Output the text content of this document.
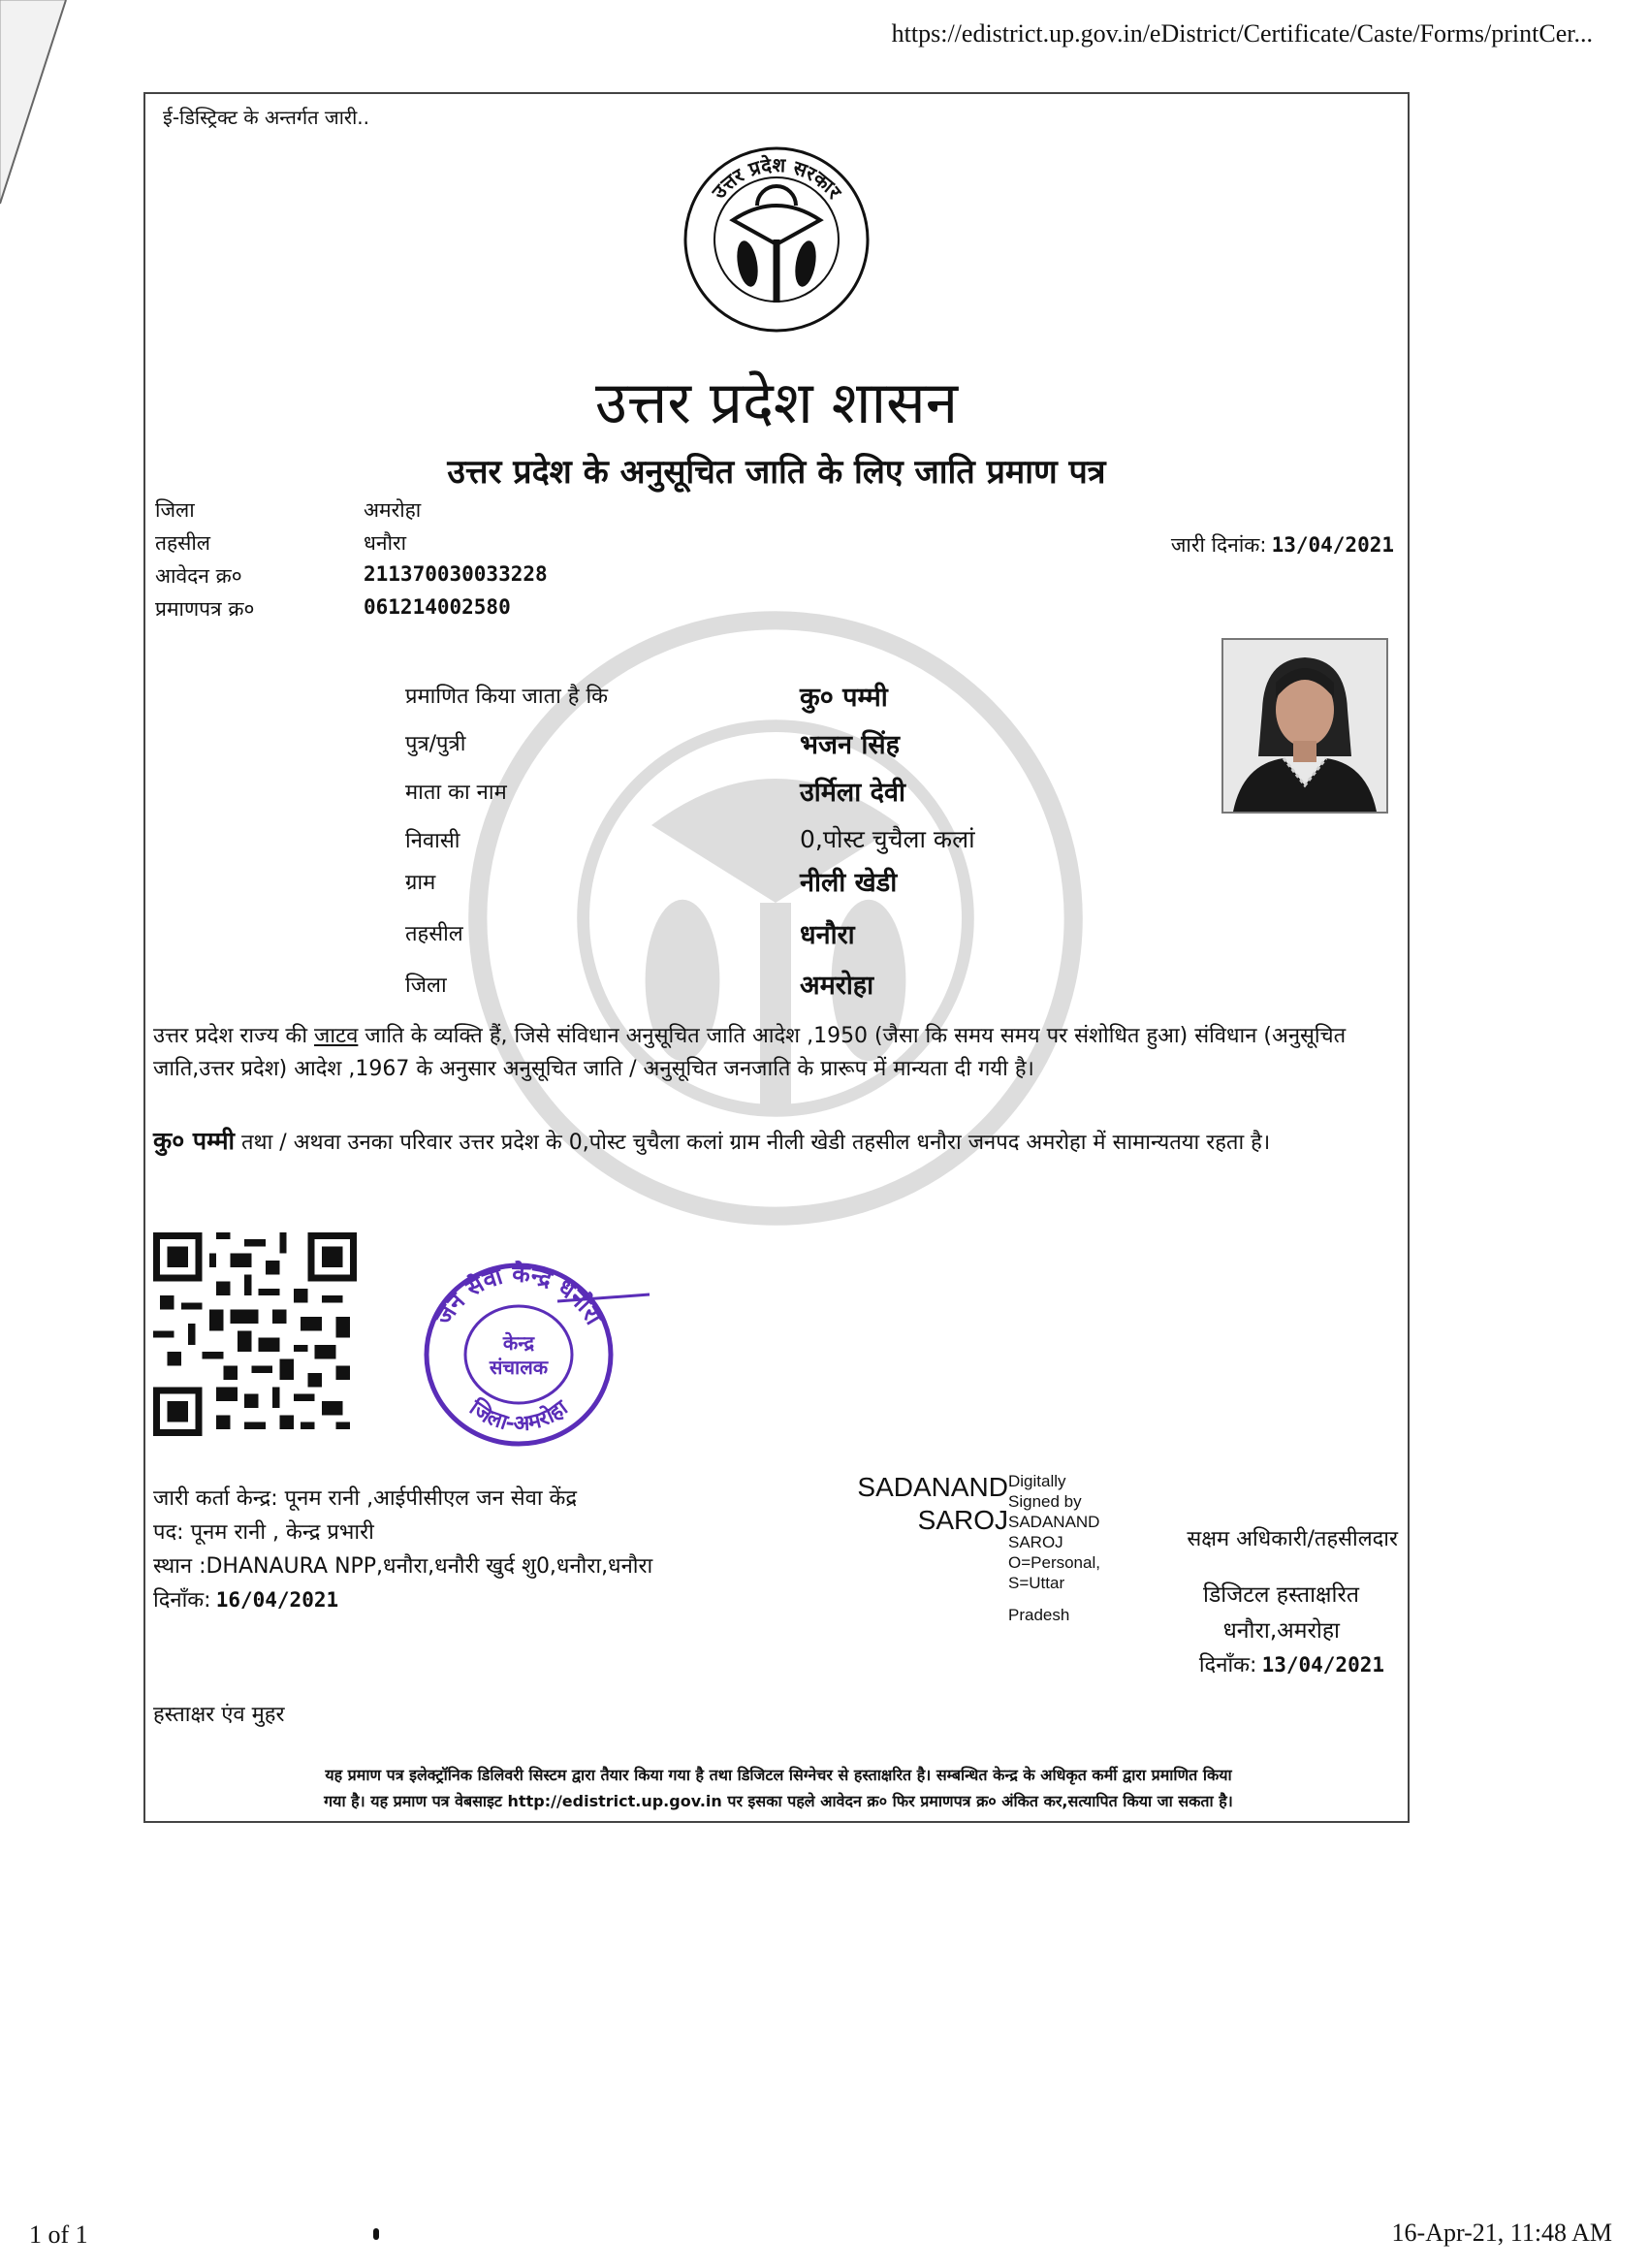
https://edistrict.up.gov.in/eDistrict/Certificate/Caste/Forms/printCer...
ई-डिस्ट्रिक्ट के अन्तर्गत जारी..
उत्तर प्रदेश सरकार
उत्तर प्रदेश शासन
उत्तर प्रदेश के अनुसूचित जाति के लिए जाति प्रमाण पत्र
जिला	अमरोहा
तहसील	धनौरा
आवेदन क्र०	211370030033228
प्रमाणपत्र क्र०	061214002580
जारी दिनांक: 13/04/2021
प्रमाणित किया जाता है कि	कु० पम्मी
पुत्र/पुत्री	भजन सिंह
माता का नाम	उर्मिला देवी
निवासी	0,पोस्ट चुचैला कलां
ग्राम	नीली खेडी
तहसील	धनौरा
जिला	अमरोहा
उत्तर प्रदेश राज्य की जाटव जाति के व्यक्ति हैं, जिसे संविधान अनुसूचित जाति आदेश ,1950 (जैसा कि समय समय पर संशोधित हुआ) संविधान (अनुसूचित जाति,उत्तर प्रदेश) आदेश ,1967 के अनुसार अनुसूचित जाति / अनुसूचित जनजाति के प्रारूप में मान्यता दी गयी है।
कु० पम्मी तथा / अथवा उनका परिवार उत्तर प्रदेश के 0,पोस्ट चुचैला कलां ग्राम नीली खेडी तहसील धनौरा जनपद अमरोहा में सामान्यतया रहता है।
जन सेवा केन्द्र धनौरा
जिला-अमरोहा
केन्द्र
संचालक
जारी कर्ता केन्द्र: पूनम रानी ,आईपीसीएल जन सेवा केंद्र
पद: पूनम रानी , केन्द्र प्रभारी
स्थान :DHANAURA NPP,धनौरा,धनौरी खुर्द शु0,धनौरा,धनौरा
दिनाँक: 16/04/2021
SADANAND
SAROJ
Digitally
Signed by
SADANAND
SAROJ
O=Personal,
S=Uttar
Pradesh
सक्षम अधिकारी/तहसीलदार
डिजिटल हस्ताक्षरित
धनौरा,अमरोहा
दिनाँक: 13/04/2021
हस्ताक्षर एंव मुहर
यह प्रमाण पत्र इलेक्ट्रॉनिक डिलिवरी सिस्टम द्वारा तैयार किया गया है तथा डिजिटल सिग्नेचर से हस्ताक्षरित है। सम्बन्धित केन्द्र के अधिकृत कर्मी द्वारा प्रमाणित किया
गया है। यह प्रमाण पत्र वेबसाइट http://edistrict.up.gov.in पर इसका पहले आवेदन क्र० फिर प्रमाणपत्र क्र० अंकित कर,सत्यापित किया जा सकता है।
1 of 1	16-Apr-21, 11:48 AM
